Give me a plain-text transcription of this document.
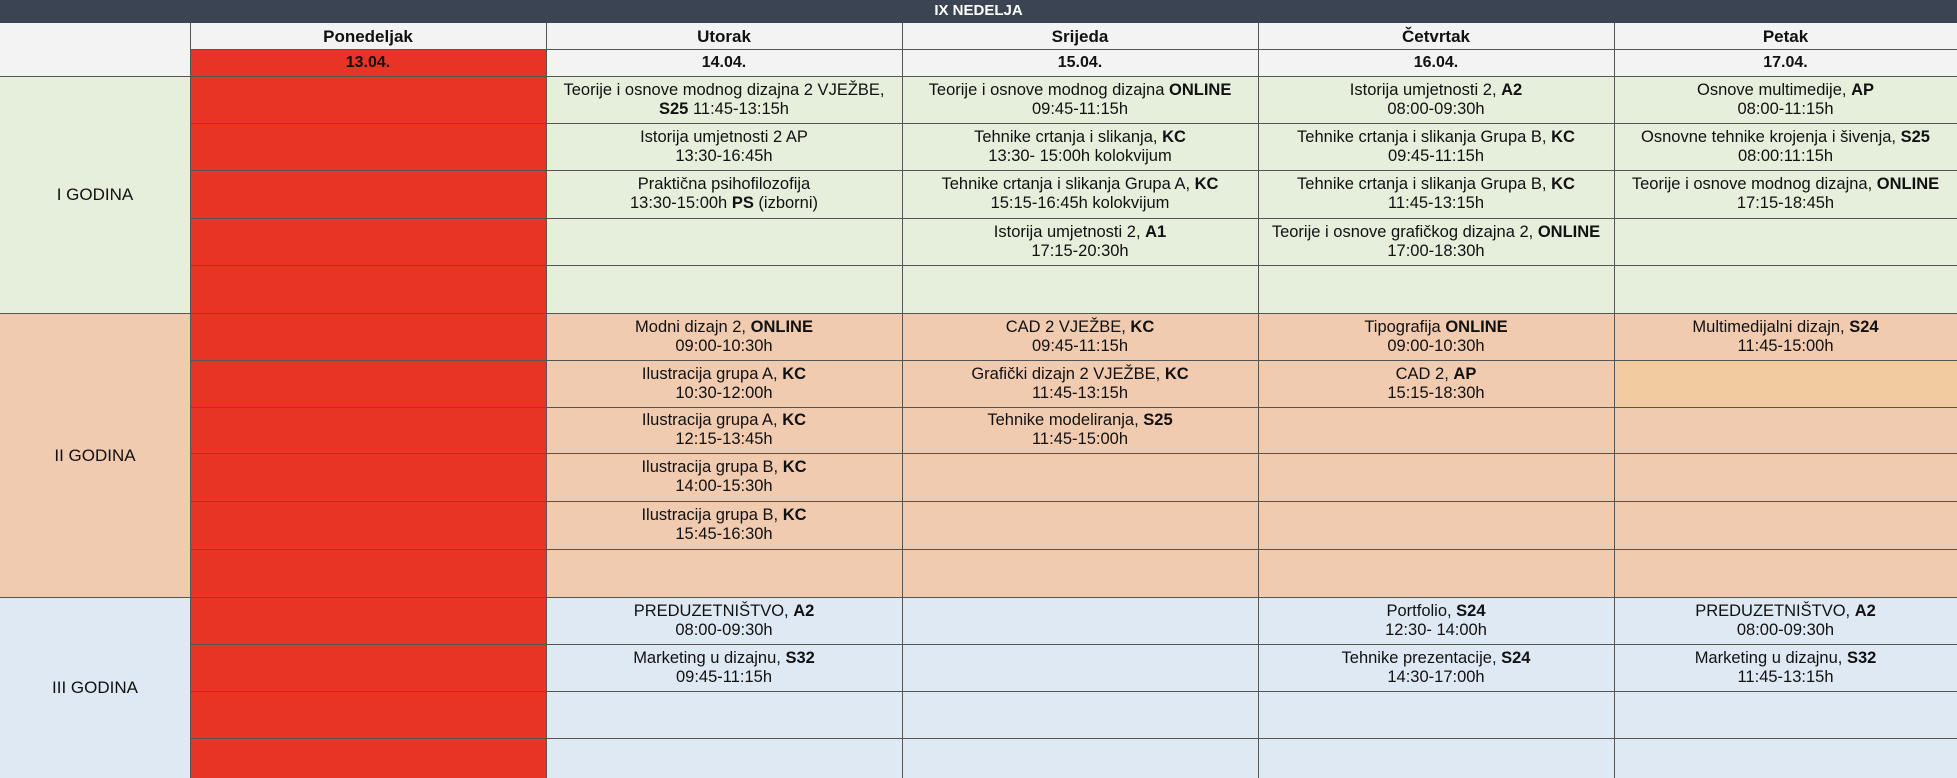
IX NEDELJA
Ponedeljak
13.04.
Utorak
14.04.
Srijeda
15.04.
Četvrtak
16.04.
Petak
17.04.
I GODINA
Teorije i osnove modnog dizajna 2 VJEŽBE,
S25 11:45-13:15h
Teorije i osnove modnog dizajna ONLINE
09:45-11:15h
Istorija umjetnosti 2, A2
08:00-09:30h
Osnove multimedije, AP
08:00-11:15h
Istorija umjetnosti 2 AP
13:30-16:45h
Tehnike crtanja i slikanja, KC
13:30- 15:00h kolokvijum
Tehnike crtanja i slikanja Grupa B, KC
09:45-11:15h
Osnovne tehnike krojenja i šivenja, S25
08:00:11:15h
Praktična psihofilozofija
13:30-15:00h PS (izborni)
Tehnike crtanja i slikanja Grupa A, KC
15:15-16:45h kolokvijum
Tehnike crtanja i slikanja Grupa B, KC
11:45-13:15h
Teorije i osnove modnog dizajna, ONLINE
17:15-18:45h
Istorija umjetnosti 2, A1
17:15-20:30h
Teorije i osnove grafičkog dizajna 2, ONLINE
17:00-18:30h
II GODINA
Modni dizajn 2, ONLINE
09:00-10:30h
CAD 2 VJEŽBE, KC
09:45-11:15h
Tipografija ONLINE
09:00-10:30h
Multimedijalni dizajn, S24
11:45-15:00h
Ilustracija grupa A, KC
10:30-12:00h
Grafički dizajn 2 VJEŽBE, KC
11:45-13:15h
CAD 2, AP
15:15-18:30h
Ilustracija grupa A, KC
12:15-13:45h
Tehnike modeliranja, S25
11:45-15:00h
Ilustracija grupa B, KC
14:00-15:30h
Ilustracija grupa B, KC
15:45-16:30h
III GODINA
PREDUZETNIŠTVO, A2
08:00-09:30h
Portfolio, S24
12:30- 14:00h
PREDUZETNIŠTVO, A2
08:00-09:30h
Marketing u dizajnu, S32
09:45-11:15h
Tehnike prezentacije, S24
14:30-17:00h
Marketing u dizajnu, S32
11:45-13:15h
